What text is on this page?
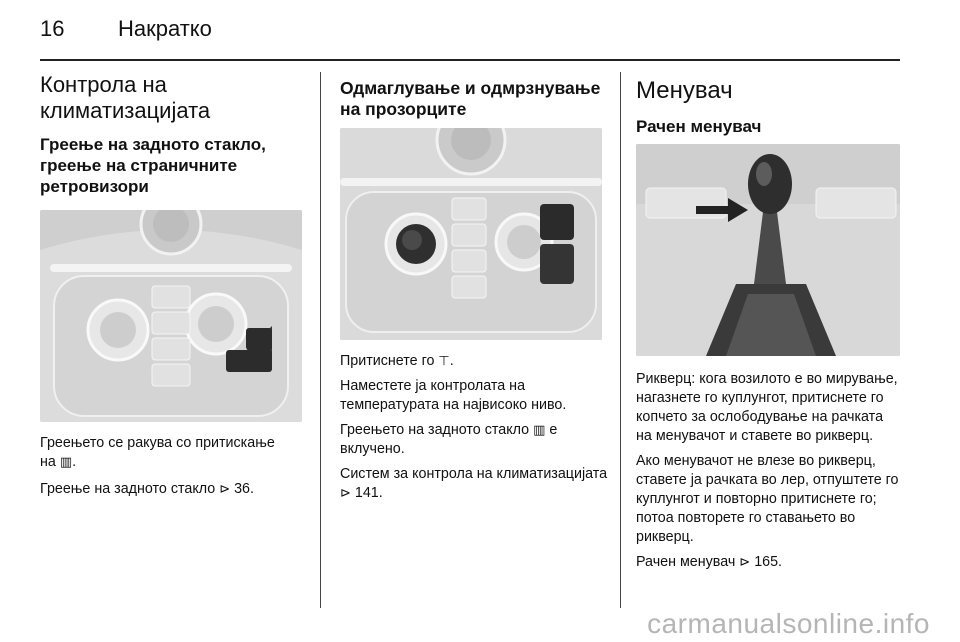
16 Накратко
Контрола на климатизацијата
Греење на задното стакло, греење на страничните ретровизори

Греењето се ракува со притискање
на ▥.

Греење на задното стакло ⊳ 36.

Одмаглување и одмрзнување на прозорците

Притиснете го ⊤.

Наместете ја контролата на температурата на највисоко ниво.

Греењето на задното стакло ▥ е вклучено.

Систем за контрола на климатизацијата ⊳ 141.

Менувач
Рачен менувач

Рикверц: кога возилото е во мирување, нагазнете го куплунгот, притиснете го копчето за ослободување на рачката на менувачот и ставете во рикверц.

Ако менувачот не влезе во рикверц, ставете ја рачката во лер, отпуштете го куплунгот и повторно притиснете го; потоа повторете го ставањето во рикверц.

Рачен менувач ⊳ 165.

carmanualsonline.info
